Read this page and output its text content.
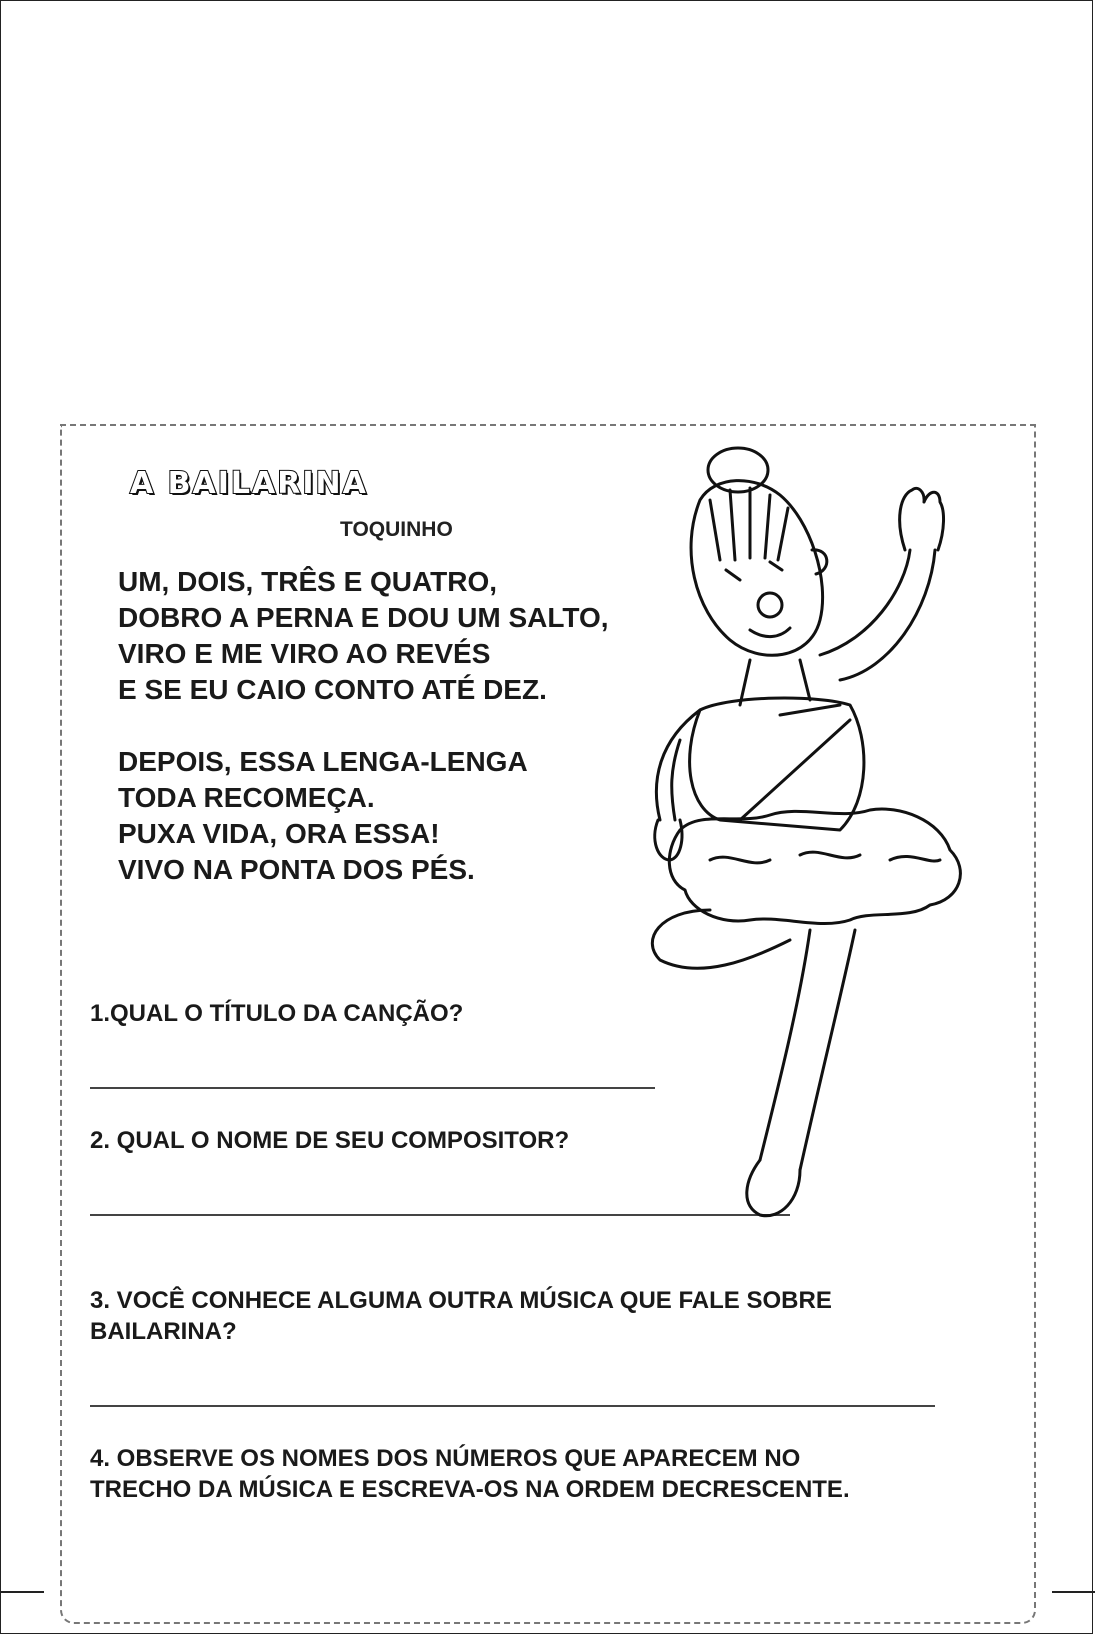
A BAILARINA
TOQUINHO
UM, DOIS, TRÊS E QUATRO,
DOBRO A PERNA E DOU UM SALTO,
VIRO E ME VIRO AO REVÉS
E SE EU CAIO CONTO ATÉ DEZ.
DEPOIS, ESSA LENGA-LENGA
TODA RECOMEÇA.
PUXA VIDA, ORA ESSA!
VIVO NA PONTA DOS PÉS.
1.QUAL O TÍTULO DA CANÇÃO?
2. QUAL O NOME DE SEU COMPOSITOR?
3. VOCÊ CONHECE ALGUMA OUTRA MÚSICA QUE FALE SOBRE
BAILARINA?
4. OBSERVE OS NOMES DOS NÚMEROS QUE APARECEM NO
TRECHO DA MÚSICA E ESCREVA-OS NA ORDEM DECRESCENTE.
